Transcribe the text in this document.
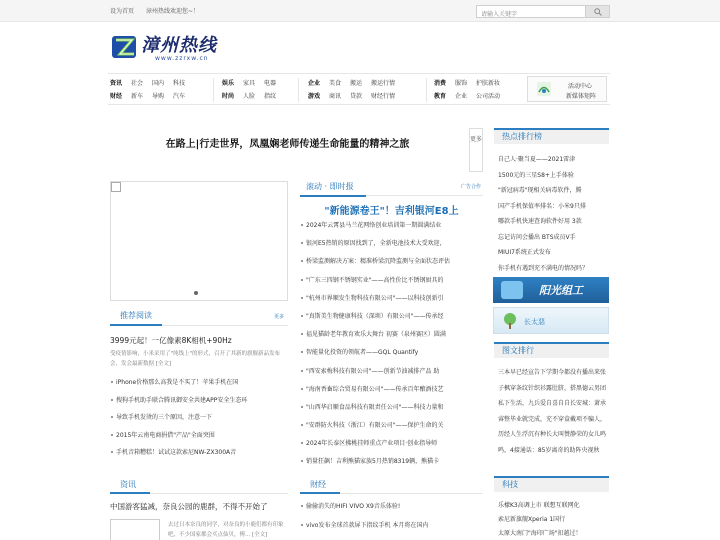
设为首页 漳州热线欢迎您~！	请输入关键字
漳州热线
www.zzrxw.cn
资讯 社会 国内 科技
财经 新车 导购 汽车
娱乐 家具 电器
时尚 人脸 指纹
企业 美食 搬运 搬运行情
游戏 商讯 贷款 财经行情
消费 服饰 护肤新妆
教育 企业 公司活动
活动中心
新媒体矩阵
在路上|行走世界，凤凰娴老师传递生命能量的精神之旅	更多
推荐阅读	更多
3999元起！一亿像素8K相机+90Hz
受疫情影响，小米采用了"纯线上"的形式，召开了其新的旗舰新品发布会，发会最新数据 [全文]
iPhone价格那么高我是不买了！苹果手机在国
搜狗手机助手联合腾讯御安全共建APP安全生态环
导致手机发烫的三个原因，注意一下
2015年云南电商捐借"产品"全面突围
手机音箱糟糕！试试这款索尼NW-ZX300A音
资讯
中国游客猛减，奈良公园的鹿群，不得不开始了
去过日本奈良的同学，对奈良的小鹿们都有印象吧，不少国家都会买点仙贝，傅... [全文]
滚动 · 即时报	广告合作
"新能源卷王"！吉利银河E8上
2024年云霄县马兰花网络创业培训第一期圆满结业
银河E5热销的原因找到了，全新电池技术大受欢迎，
桥梁监测解决方案：精准桥梁沉降监测与全面状态评估
"广东三四钢不锈钢实业"——高性价比不锈钢厨具的
"杭州市界顺发生物科技有限公司"——以科技创新引
"真斯美生物健康科技（深圳）有限公司"——传承经
福见猫龄老年教育欢乐大舞台 初赛（泉州赛区）圆满
智能量化投资的领航者——GQL Quantify
"西安索梅科技有限公司"——创新节油减排产品 助
"海南香畜综合贸易有限公司"——传承百年酿酒技艺
"山西华启顺食品科技有限责任公司"——科技力量和
"安群防火科技（浙江）有限公司"——保护生命的关
2024年长泰区拂桃挂师重点产业项目·创业指导师
销量狂飙！吉利熊猫家族5月热销8319辆，熊猫卡
财经
偷偷消失的HIFI VIVO X9音乐体验!
vivo发布全球首款屏下指纹手机 本月将在国内
热点排行榜
自己人·聚当夏——2021雷津
1500元的三星S8+上手体验
"新冠病毒"现相关病毒软件，腾
国产手机保值率排名：小米9只排
哪款手机快速查询软件好用 3款
忘记访问会播出 BTS成员V手
MIUI7系统正式发布
你手机有遇到充不满电的情况吗？
阳光组工
长太惡
图文排行
三本早已经宣告下学期今都没有播出来张子枫穿条纹针织衫露肚脐，搭黑德云男团私下生活，九兵爱自喜自自长安城：萧承睿整毕业就完成，充不穿盒戴项不骗人，历经人生浮沉有种长大叫赞静荣的女儿鸣鸣，4接通话：85岁离奇的助阵央视秋
科技
乐檬K3高调上市 联想互联网化
索尼新旗舰Xperia 1国行
太原大南门"海印广场"扣越过！
